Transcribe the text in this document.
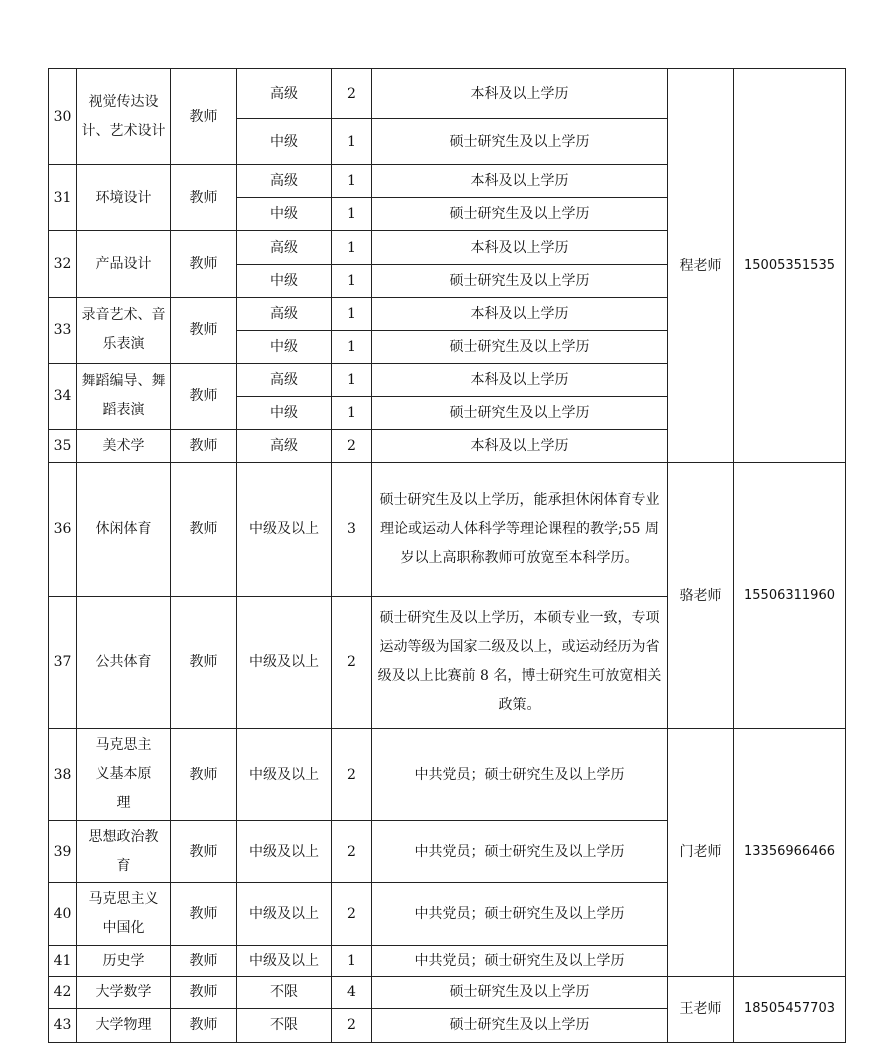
30	视觉传达设计、艺术设计	教师	高级	2	本科及以上学历	程老师	15005351535
			中级	1	硕士研究生及以上学历		
31	环境设计	教师	高级	1	本科及以上学历		
			中级	1	硕士研究生及以上学历		
32	产品设计	教师	高级	1	本科及以上学历		
			中级	1	硕士研究生及以上学历		
33	录音艺术、音乐表演	教师	高级	1	本科及以上学历		
			中级	1	硕士研究生及以上学历		
34	舞蹈编导、舞蹈表演	教师	高级	1	本科及以上学历		
			中级	1	硕士研究生及以上学历		
35	美术学	教师	高级	2	本科及以上学历		
36	休闲体育	教师	中级及以上	3	硕士研究生及以上学历，能承担休闲体育专业理论或运动人体科学等理论课程的教学;55 周岁以上高职称教师可放宽至本科学历。	骆老师	15506311960
37	公共体育	教师	中级及以上	2	硕士研究生及以上学历，本硕专业一致，专项运动等级为国家二级及以上，或运动经历为省级及以上比赛前 8 名，博士研究生可放宽相关政策。		
38	马克思主义基本原理	教师	中级及以上	2	中共党员；硕士研究生及以上学历	门老师	13356966466
39	思想政治教育	教师	中级及以上	2	中共党员；硕士研究生及以上学历		
40	马克思主义中国化	教师	中级及以上	2	中共党员；硕士研究生及以上学历		
41	历史学	教师	中级及以上	1	中共党员；硕士研究生及以上学历		
42	大学数学	教师	不限	4	硕士研究生及以上学历	王老师	18505457703
43	大学物理	教师	不限	2	硕士研究生及以上学历		
